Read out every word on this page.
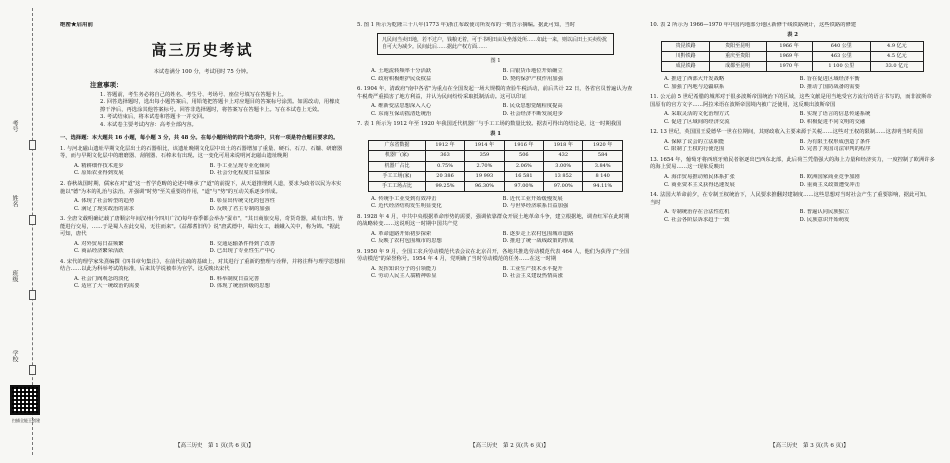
考号
姓名
班级
学校
扫描全能王创建
绝密★启用前
高三历史考试
本试卷满分 100 分，考试用时 75 分钟。
注意事项：

1. 答题前，考生务必将自己的姓名、考生号、考场号、座位号填写在答题卡上。

2. 回答选择题时，选出每小题答案后，用铅笔把答题卡上对应题目的答案标号涂黑。如需改动，用橡皮擦干净后，再选涂其他答案标号。回答非选择题时，将答案写在答题卡上。写在本试卷上无效。

3. 考试结束后，将本试卷和答题卡一并交回。

4. 本试卷主要考试内容：高考全部内容。

一、选择题：本大题共 16 小题，每小题 3 分，共 48 分。在每小题所给的四个选项中，只有一项是符合题目要求的。
1. 与河北磁山遗址早期文化层出土的石器相比，该遗址晚期文化层中出土的石器增加了重量、硬石、石刀、石镰、研磨器等，而与早期文化层中的磨磨器、刮削器、石棒未有出现。这一变化可用来说明河北磁山遗址晚期
A. 精耕细作技术进步	B. 手工业呈现专业化倾向
C. 原始农业得到发展	D. 社会分化程度日益加深
2. 春秋战国时期，儒家在对"道"这一哲学范畴的论述中继承了"道"的前提下，从天道推理到人道，要求为政者以民为本实施以"德"为本的礼治与法治，并强调"时势"至关重要的作用，"道"与"势"的互动关系逐步形成。
A. 体现了社会转型的趋势	B. 彰显出传统文化的包容性
C. 满足了现实政治的需求	D. 反映了君主专制的加强
3. 全唐文载明确记载了唐顺宗年间汉州(今四川广汉)每年春季都会举办"蚕市"，"其日商旅交易，奇货奇器，咸有出售，皆能进行交易，……于是蜀人在此交易，无往而来"。《益都耆旧传》说"唐武德中，蜀出女工，载蛾入关中，称为锦。"据此可知，唐代
A. 对外贸易日益频繁	B. 交通运输条件得到了改善
C. 商品经济繁荣活跃	D. 已出现了专业性生产中心
4. 宋代的理学家朱熹编撰《四书章句集注》，在前代注疏的基础上，对其进行了重新的整理与诠释，并将注释与理学思想相结合……以此为科举考试的标准，后来其学说被奉为官学。这反映出宋代
A. 社会门阀观念的淡化	B. 科举制度日益完善
C. 适应了大一统政治的需要	D. 体现了统治阶级的思想
5. 图 1 所示为乾隆三十八年(1773 年)浙江布政使司所发布的一则告示摘编。据此可知，当时
凡民间当卖田地，若不过户，钱粮无着，可于书明田亩及坐落处所……如此一来，则以后田土买卖纷扰自可大为减少。民间此后……据此产权方面……
图 1
A. 土地流转频率十分活跃	B. 白银货币地位开始确立
C. 政府积极维护民众权益	D. 契约保护产权作用加强
6. 1904 年，清政府"南中各省"为重点在全国发起一场大规模的查验牛税活动，前后共计 22 日，各省官员普遍认为查牛税费严重损害了地方利益，并认为民间纷纷采取抵制活动。这可以印证
A. 维新变法思想深入人心	B. 民众思想觉醒程度提高
C. 东南互保动摇清廷统治	D. 社会经济不断发展进步
7. 表 1 所示为 1912 年至 1920 年我国近代机器厂与手工工场的数量比较。据表可得出的结论是，这一时期我国
表 1
广东省数据	1912 年	1914 年	1916 年	1918 年	1920 年
机器厂(家)	363	359	506	432	584
机器厂占比	0.75%	2.70%	2.06%	3.00%	3.84%
手工工场(家)	20 386	19 993	16 581	13 852	8 140
手工工场占比	99.25%	96.30%	97.00%	97.00%	94.11%
A. 传统手工业受到有效冲击	B. 近代工业开始缓慢发展
C. 近代经济结构发生明显变化	D. 与世界经济联系日益加强
8. 1928 年 4 月，中共中央根据革命形势的需要，强调依靠群众开展土地革命斗争，建立根据地，调查红军在此时期的战略转变……这说明这一时期中国共产党
A. 革命道路开始初步探索	B. 逐步走上农村包围城市道路
C. 反映了农村包围城市的思想	D. 推进了统一战线政策的形成
9. 1950 年 9 月，全国工农兵劳动模范代表会议在北京召开，各地共推选劳动模范代表 464 人，他们为获得了"全国劳动模范"的荣誉称号。1954 年 4 月，党明确了当时劳动模范的任务……在这一时期
A. 发挥知识分子的引领能力	B. 工业生产技术水平提升
C. 劳动人民主人翁精神彰显	D. 社会主义建设热情高涨
10. 表 2 所示为 1966—1970 年中国内地部分地区新修干线铁路统计，这些铁路的修建
表 2
贵昆铁路	贵阳至昆明	1966 年	640 公里	4.9 亿元
川黔铁路	重庆至贵阳	1969 年	463 公里	4.5 亿元
成昆铁路	成都至昆明	1970 年	1 100 公里	33.0 亿元
A. 推进了西部大开发战略	B. 旨在促进区域经济平衡
C. 加强了内地与边疆联系	D. 推动了国防战备的需要
11. 公元前 5 世纪希腊的城邦对于很多波斯帝国统治下的区域，这些文献是用当地受官方流行的语言书写的，而非波斯帝国原有的官方文字……阿拉米语在波斯帝国境内被广泛使用，这反映出波斯帝国
A. 采取灵活的文化治理方式	B. 实现了语言的信息传递系统
C. 促进了区域间的经济交流	D. 积极促进不同文明的交融
12. 13 世纪，英国国王爱德华一世在位期间，其财政收入主要来源于关税……这些对王权的限制……这表明当时英国
A. 保障了议会的立法职能	B. 为有限王权形成创造了条件
C. 限制了王权的行使范围	D. 完善了英国司法审判的程序
13. 1654 年，葡萄牙将西班牙殖民者驱逐出巴西东北部，此后荷兰凭借强大的海上力量和经济实力，一度控制了欧洲许多的海上贸易……这一现象反映出
A. 海洋贸易推动殖民体系扩张	B. 欧洲国家商业竞争加剧
C. 商业资本主义获得迅速发展	D. 重商主义政策遭受冲击
14. 法国大革命前夕，在专制王权统治下，人民要求推翻封建制度……这些思想对当时社会产生了重要影响，据此可知，当时
A. 专制统治存在合法性危机	B. 普遍认同民族独立
C. 社会各阶层诉求趋于一致	D. 民族意识开始萌发
【高三历史　第 1 页(共 6 页)】	【高三历史　第 2 页(共 6 页)】	【高三历史　第 3 页(共 6 页)】
